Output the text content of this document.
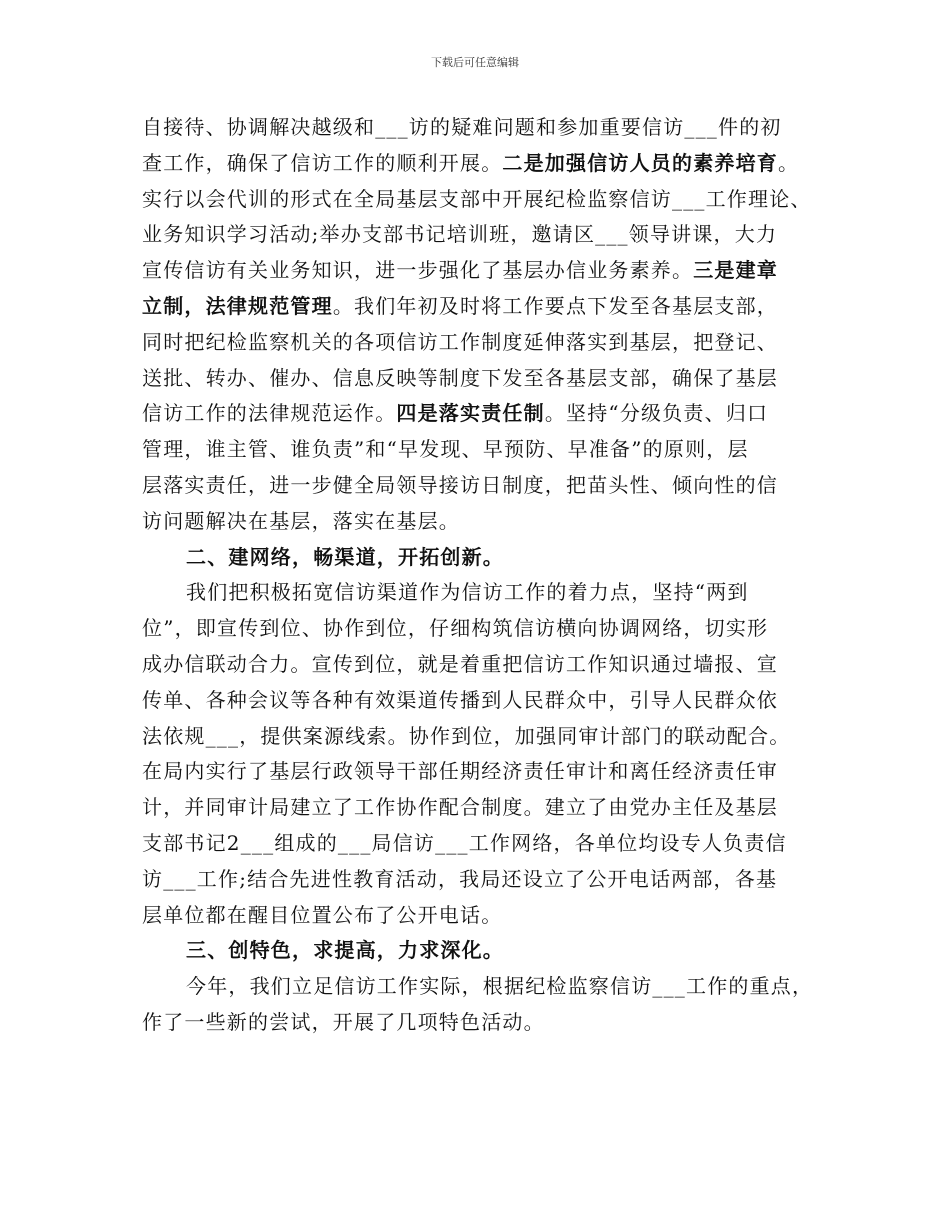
下载后可任意编辑
自接待、协调解决越级和___访的疑难问题和参加重要信访___件的初
查工作，确保了信访工作的顺利开展。二是加强信访人员的素养培育。
实行以会代训的形式在全局基层支部中开展纪检监察信访___工作理论、
业务知识学习活动;举办支部书记培训班，邀请区___领导讲课，大力
宣传信访有关业务知识，进一步强化了基层办信业务素养。三是建章
立制，法律规范管理。我们年初及时将工作要点下发至各基层支部，
同时把纪检监察机关的各项信访工作制度延伸落实到基层，把登记、
送批、转办、催办、信息反映等制度下发至各基层支部，确保了基层
信访工作的法律规范运作。四是落实责任制。坚持“分级负责、归口
管理，谁主管、谁负责”和“早发现、早预防、早准备”的原则，层
层落实责任，进一步健全局领导接访日制度，把苗头性、倾向性的信
访问题解决在基层，落实在基层。
二、建网络，畅渠道，开拓创新。
我们把积极拓宽信访渠道作为信访工作的着力点，坚持“两到
位”，即宣传到位、协作到位，仔细构筑信访横向协调网络，切实形
成办信联动合力。宣传到位，就是着重把信访工作知识通过墙报、宣
传单、各种会议等各种有效渠道传播到人民群众中，引导人民群众依
法依规___，提供案源线索。协作到位，加强同审计部门的联动配合。
在局内实行了基层行政领导干部任期经济责任审计和离任经济责任审
计，并同审计局建立了工作协作配合制度。建立了由党办主任及基层
支部书记2___组成的___局信访___工作网络，各单位均设专人负责信
访___工作;结合先进性教育活动，我局还设立了公开电话两部，各基
层单位都在醒目位置公布了公开电话。
三、创特色，求提高，力求深化。
今年，我们立足信访工作实际，根据纪检监察信访___工作的重点，
作了一些新的尝试，开展了几项特色活动。
